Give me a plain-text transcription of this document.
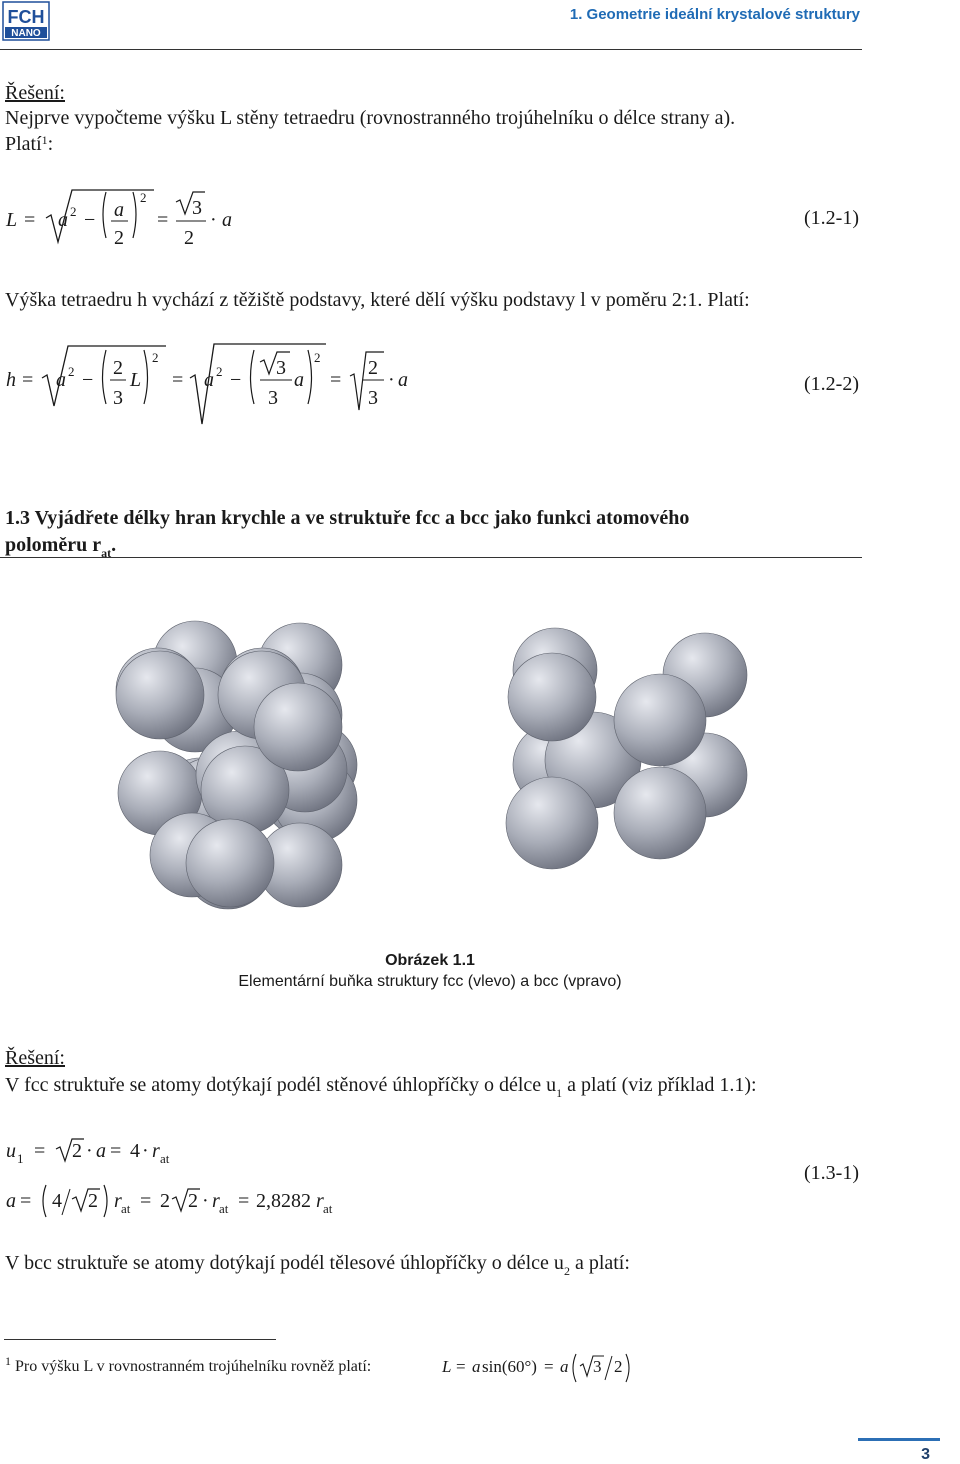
FCH
NANO
1. Geometrie ideální krystalové struktury
Řešení:
Nejprve vypočteme výšku L stěny tetraedru (rovnostranného trojúhelníku o délce strany a).
Platí$^1$:
L = a 2 − a
2
2
=
3
2
· a	(1.2-1)
Výška tetraedru h vychází z těžiště podstavy, které dělí výšku podstavy l v poměru 2:1. Platí:
h = a 2 −
2
3
L
2
= a 2 −
3
3
a
2
=
2
3
· a	(1.2-2)
1.3 Vyjádřete délky hran krychle a ve struktuře fcc a bcc jako funkci atomového
poloměru $r_{at}$.
Obrázek 1.1
Elementární buňka struktury fcc (vlevo) a bcc (vpravo)
Řešení:
V fcc struktuře se atomy dotýkají podél stěnové úhlopříčky o délce $u_1$ a platí (viz příklad 1.1):
u 1 = 2 · a = 4 · r at
a = 4 2 r at = 2 2 · r at = 2,8282 r at
(1.3-1)
V bcc struktuře se atomy dotýkají podél tělesové úhlopříčky o délce $u_2$ a platí:
$^1$ Pro výšku L v rovnostranném trojúhelníku rovněž platí:	L = a sin(60°) = a 3 2
3
